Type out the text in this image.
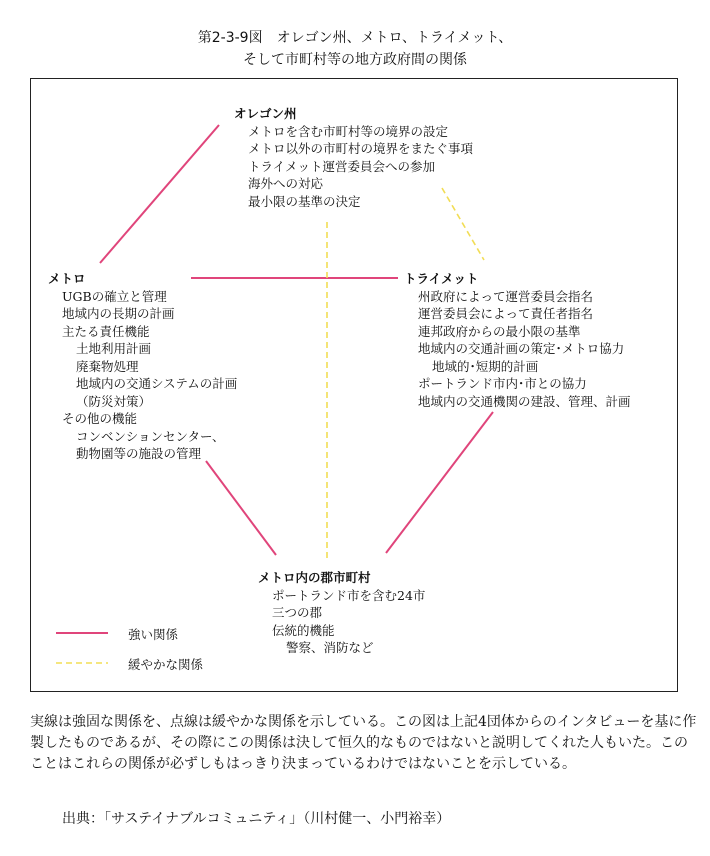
第2-3-9図　オレゴン州、メトロ、トライメット、
そして市町村等の地方政府間の関係
オレゴン州
メトロを含む市町村等の境界の設定
メトロ以外の市町村の境界をまたぐ事項
トライメット運営委員会への参加
海外への対応
最小限の基準の決定
メトロ
UGBの確立と管理
地域内の長期の計画
主たる責任機能
土地利用計画
廃棄物処理
地域内の交通システムの計画
（防災対策）
その他の機能
コンベンションセンター、
動物園等の施設の管理
トライメット
州政府によって運営委員会指名
運営委員会によって責任者指名
連邦政府からの最小限の基準
地域内の交通計画の策定･メトロ協力
地域的･短期的計画
ポートランド市内･市との協力
地域内の交通機関の建設、管理、計画
メトロ内の郡市町村
ポートランド市を含む24市
三つの郡
伝統的機能
警察、消防など
強い関係
緩やかな関係
実線は強固な関係を、点線は緩やかな関係を示している。この図は上記4団体からのインタビューを基に作製したものであるが、その際にこの関係は決して恒久的なものではないと説明してくれた人もいた。このことはこれらの関係が必ずしもはっきり決まっているわけではないことを示している。
出典：「サステイナブルコミュニティ」（川村健一、小門裕幸）
